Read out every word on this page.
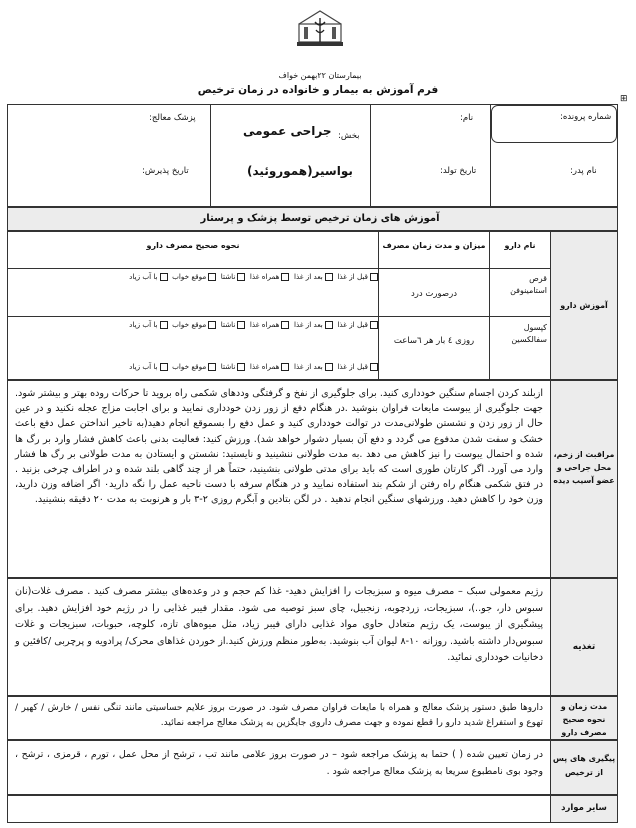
بیمارستان ۲۲بهمن خواف
فرم آموزش به بیمار و خانواده در زمان ترخیص
⊞
شماره پرونده:
نام پدر:
نام:
تاریخ تولد:
بخش:
جراحی عمومی
بواسیر(هموروئید)
پزشک معالج:
تاریخ پذیرش:
آموزش های زمان ترخیص توسط پزشک و پرستار
آموزش دارو
نام دارو
میزان و مدت زمان مصرف
نحوه صحیح مصرف دارو
قرص استامینوفن
درصورت درد
کپسول سفالکسین
روزی ٤ بار هر ٦ساعت
قبل از غذا  بعد از غذا  همراه غذا  ناشتا  موقع خواب  با آب زیاد
قبل از غذا  بعد از غذا  همراه غذا  ناشتا  موقع خواب  با آب زیاد
قبل از غذا  بعد از غذا  همراه غذا  ناشتا  موقع خواب  با آب زیاد
مراقبت از زخم، محل جراحی و عضو آسیب دیده
ازبلند کردن اجسام سنگین خودداری کنید. برای جلوگیری از نفخ و گرفتگی وددهای شکمی راه بروید تا حرکات روده بهتر و بیشتر شود. جهت جلوگیری از یبوست مایعات فراوان بنوشید .در هنگام دفع از زور زدن خودداری نمایید و برای اجابت مزاج عجله نکنید و در عین حال از زور زدن و نشستن طولانی‌مدت در توالت خودداری کنید و عمل دفع را بسموقع انجام دهید(به تاخیر انداختن عمل دفع باعث خشک و سفت شدن مدفوع می گردد و دفع آن بسیار دشوار خواهد شد). ورزش کنید: فعالیت بدنی باعث کاهش فشار وارد بر رگ ها شده و احتمال یبوست را نیز کاهش می دهد .به مدت طولانی ننشینید و نایستید: نشستن و ایستادن به مدت طولانی بر رگ ها فشار وارد می آورد. اگر کارتان طوری است که باید برای مدتی طولانی بنشینید، حتماً هر از چند گاهی بلند شده و در اطراف چرخی بزنید . در فتق شکمی هنگام راه رفتن از شکم بند استفاده نمایید و در هنگام سرفه با دست ناحیه عمل را نگه دارید۰ اگر اضافه وزن دارید، وزن خود را کاهش دهید. ورزشهای سنگین انجام ندهید . در لگن بتادین و آبگرم روزی ۲-۳ بار و هرنوبت به مدت ۲۰ دقیقه بنشینید.
تغذیه
رژیم معمولی سبک – مصرف میوه و سبزیجات را افزایش دهید- غذا کم حجم و در وعده‌های بیشتر مصرف کنید . مصرف غلات(نان سبوس دار، جو..)، سبزیجات، زردچوبه، زنجبیل، چای سبز توصیه می شود. مقدار فیبر غذایی را در رژیم خود افزایش دهید. برای پیشگیری از یبوست، یک رژیم متعادل حاوی مواد غذایی دارای فیبر زیاد، مثل میوه‌های تازه، کلوچه، حبوبات، سبزیجات و غلات سبوس‌دار داشته باشید. روزانه ۱۰-۸ لیوان آب بنوشید. به‌طور منظم ورزش کنید.از خوردن غذاهای محرک/ پرادویه و پرچربی /کافئین و دخانیات خودداری نمائید.
مدت زمان و نحوه صحیح مصرف دارو
داروها طبق دستور پزشک معالج و همراه با مایعات فراوان مصرف شود. در صورت بروز علایم حساسیتی مانند تنگی نفس / خارش / کهیر /تهوع و استفراغ شدید دارو را قطع نموده و جهت مصرف داروی جایگزین به پزشک معالج مراجعه نمائید.
پیگیری های پس از ترخیص
در زمان تعیین شده ( ) حتما به پزشک مراجعه شود – در صورت بروز علامی مانند تب ، ترشح از محل عمل ، تورم ، قرمزی ، ترشح ، وجود بوی نامطبوع سریعا به پزشک معالج مراجعه شود .
سایر موارد
